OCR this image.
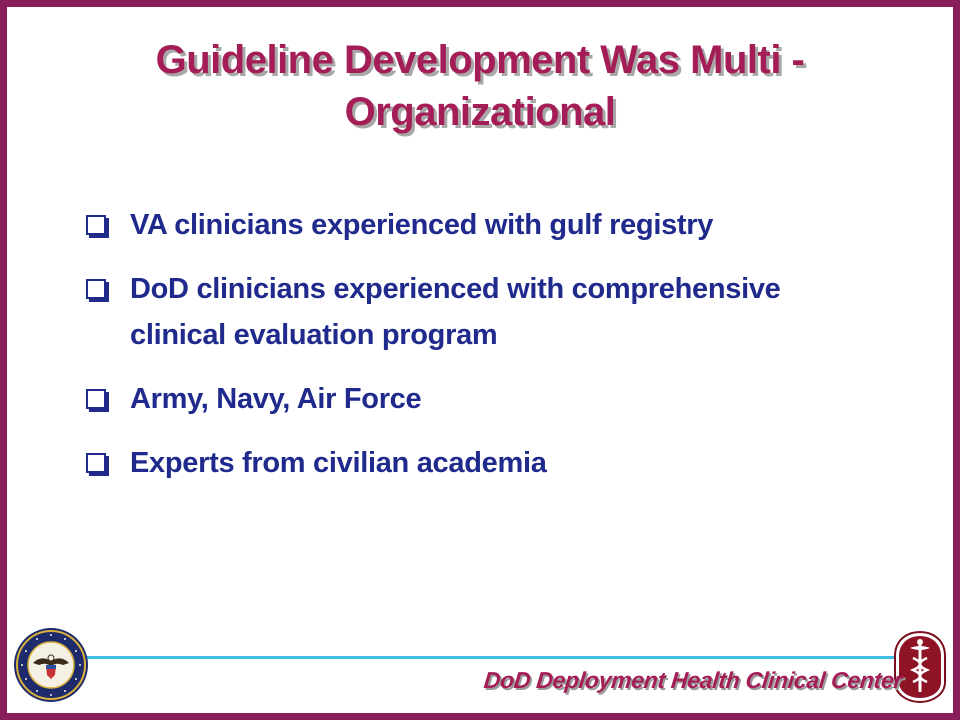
Guideline Development Was Multi -
Organizational
VA clinicians experienced with gulf registry
DoD clinicians experienced with comprehensive
clinical evaluation program
Army, Navy, Air Force
Experts from civilian academia
DoD Deployment Health Clinical Center
